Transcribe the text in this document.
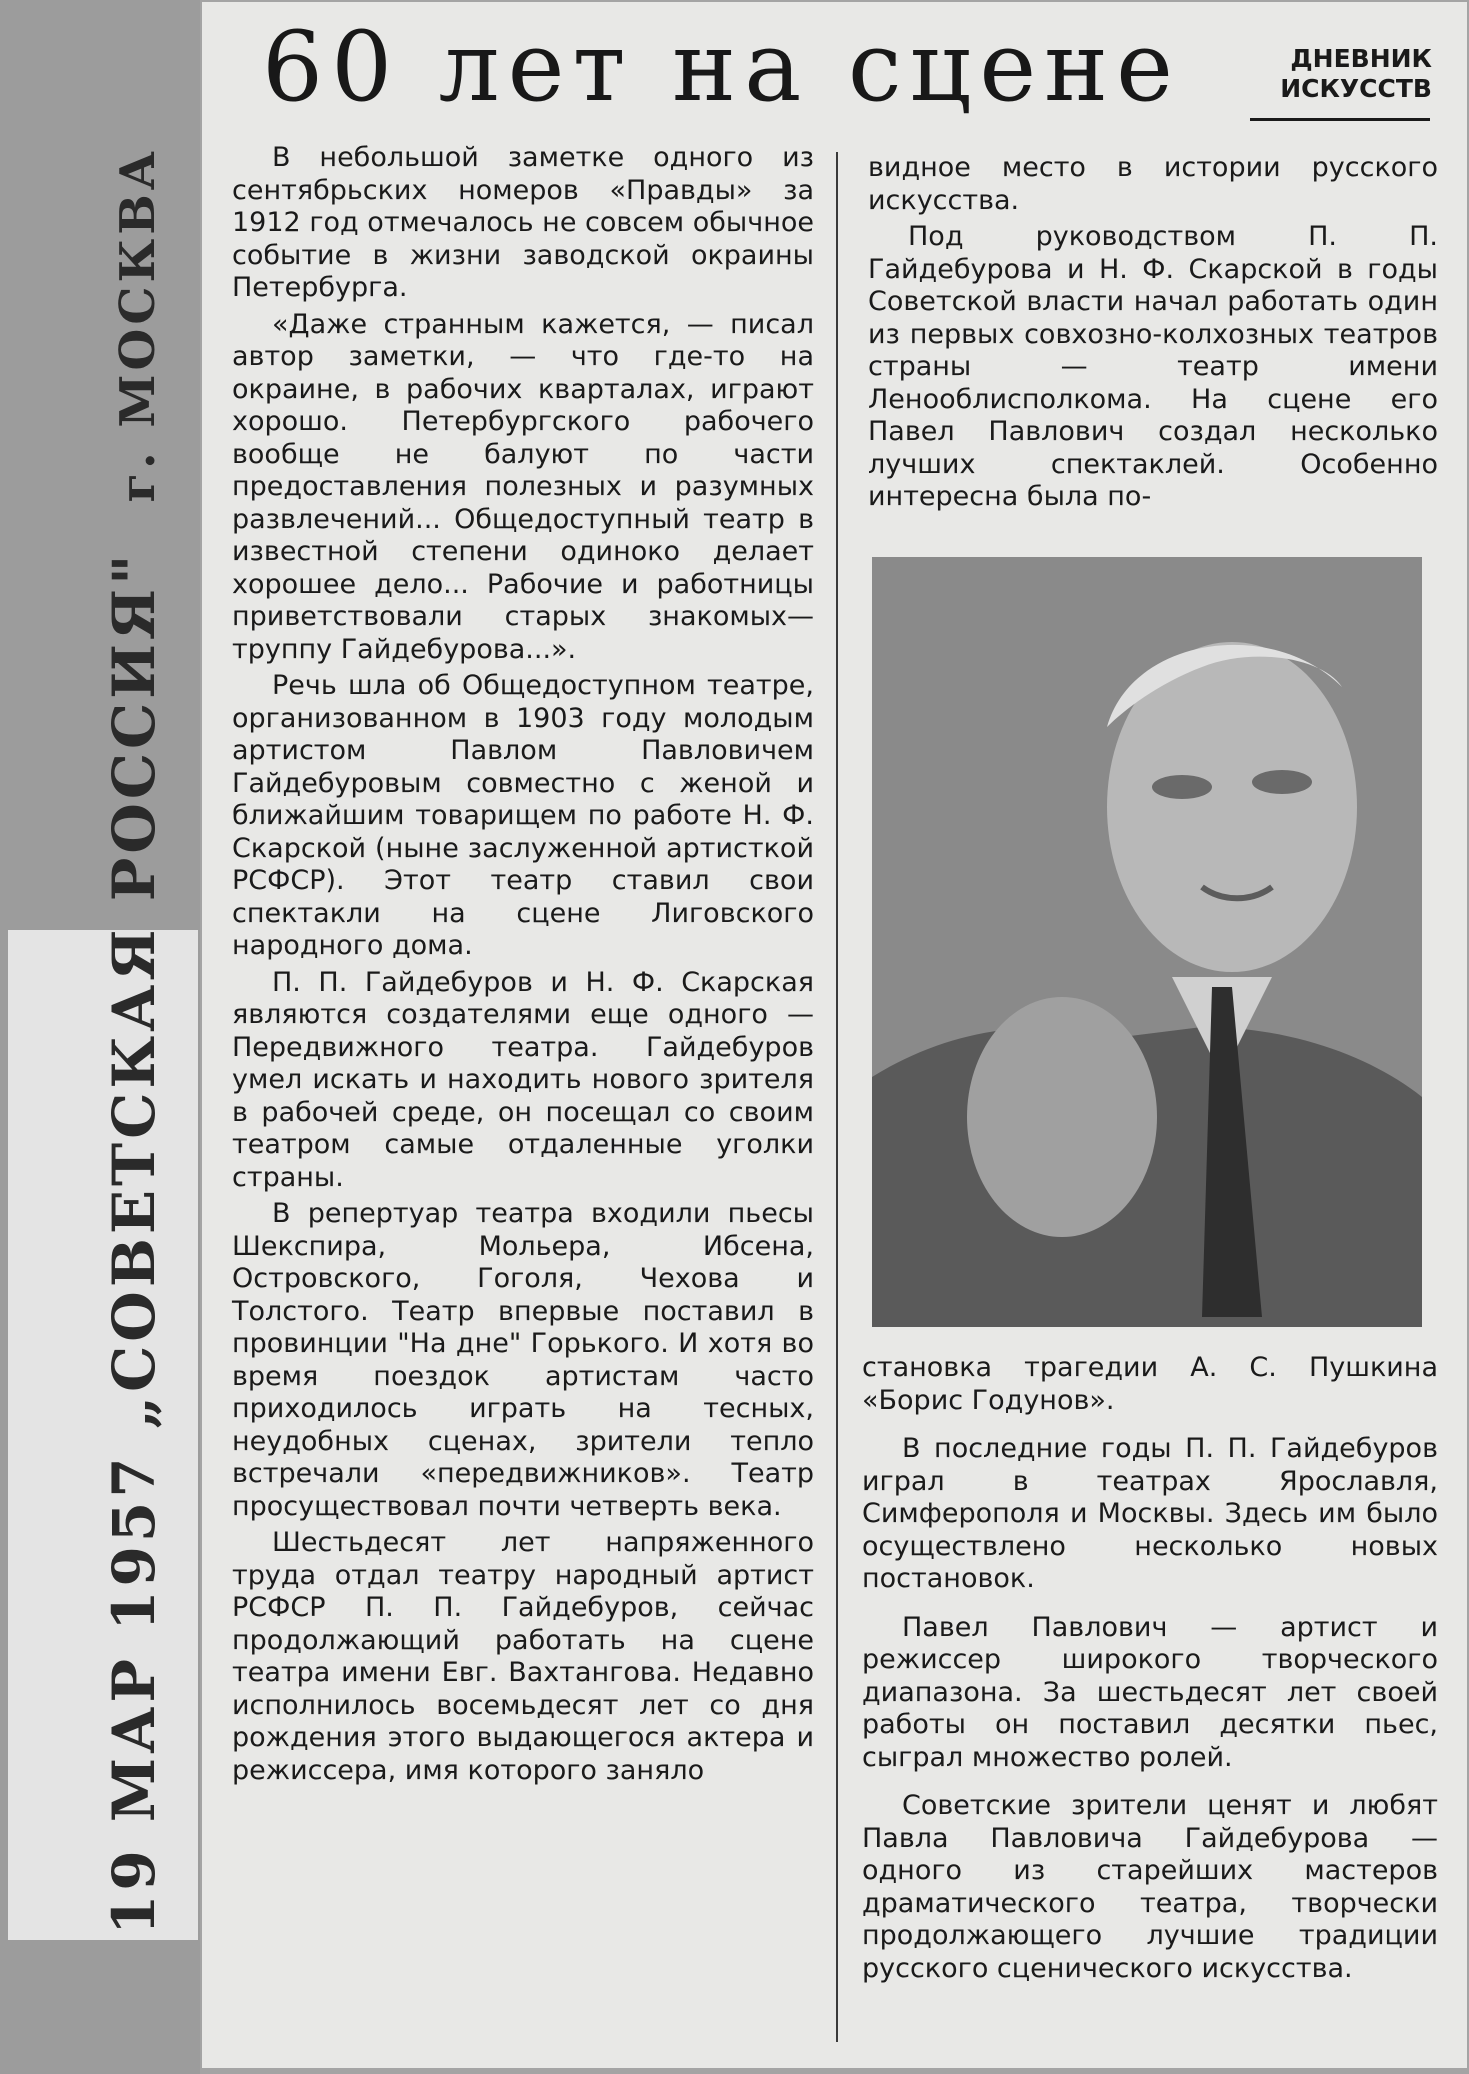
19 МАР 1957 „СОВЕТСКАЯ РОССИЯ" г. МОСКВА
60 лет на сцене	ДНЕВНИК ИСКУССТВ

В небольшой заметке одного из сентябрьских номеров «Правды» за 1912 год отмечалось не совсем обычное событие в жизни заводской окраины Петербурга.

«Даже странным кажется, — писал автор заметки, — что где-то на окраине, в рабочих кварталах, играют хорошо. Петербургского рабочего вообще не балуют по части предоставления полезных и разумных развлечений... Общедоступный театр в известной степени одиноко делает хорошее дело... Рабочие и работницы приветствовали старых знакомых—труппу Гайдебурова...».

Речь шла об Общедоступном театре, организованном в 1903 году молодым артистом Павлом Павловичем Гайдебуровым совместно с женой и ближайшим товарищем по работе Н. Ф. Скарской (ныне заслуженной артисткой РСФСР). Этот театр ставил свои спектакли на сцене Лиговского народного дома.

П. П. Гайдебуров и Н. Ф. Скарская являются создателями еще одного — Передвижного театра. Гайдебуров умел искать и находить нового зрителя в рабочей среде, он посещал со своим театром самые отдаленные уголки страны.

В репертуар театра входили пьесы Шекспира, Мольера, Ибсена, Островского, Гоголя, Чехова и Толстого. Театр впервые поставил в провинции "На дне" Горького. И хотя во время поездок артистам часто приходилось играть на тесных, неудобных сценах, зрители тепло встречали «передвижников». Театр просуществовал почти четверть века.

Шестьдесят лет напряженного труда отдал театру народный артист РСФСР П. П. Гайдебуров, сейчас продолжающий работать на сцене театра имени Евг. Вахтангова. Недавно исполнилось восемьдесят лет со дня рождения этого выдающегося актера и режиссера, имя которого заняло

видное место в истории русского искусства.

Под руководством П. П. Гайдебурова и Н. Ф. Скарской в годы Советской власти начал работать один из первых совхозно-колхозных театров страны — театр имени Ленооблисполкома. На сцене его Павел Павлович создал несколько лучших спектаклей. Особенно интересна была по-

становка трагедии А. С. Пушкина «Борис Годунов».

В последние годы П. П. Гайдебуров играл в театрах Ярославля, Симферополя и Москвы. Здесь им было осуществлено несколько новых постановок.

Павел Павлович — артист и режиссер широкого творческого диапазона. За шестьдесят лет своей работы он поставил десятки пьес, сыграл множество ролей.

Советские зрители ценят и любят Павла Павловича Гайдебурова — одного из старейших мастеров драматического театра, творчески продолжающего лучшие традиции русского сценического искусства.
